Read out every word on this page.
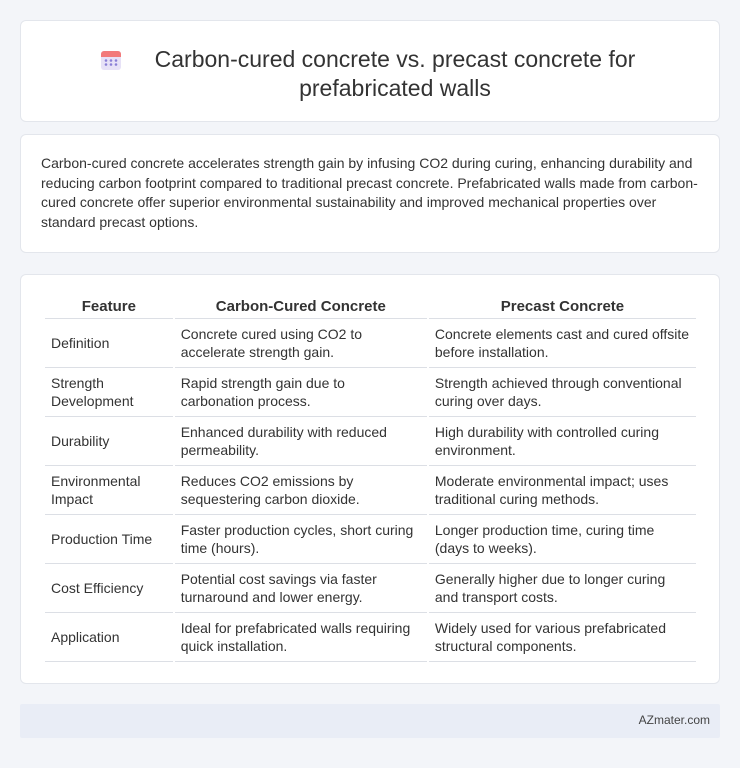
Carbon-cured concrete vs. precast concrete for prefabricated walls

Carbon-cured concrete accelerates strength gain by infusing CO2 during curing, enhancing durability and reducing carbon footprint compared to traditional precast concrete. Prefabricated walls made from carbon-cured concrete offer superior environmental sustainability and improved mechanical properties over standard precast options.

Feature	Carbon-Cured Concrete	Precast Concrete
Definition	Concrete cured using CO2 to accelerate strength gain.	Concrete elements cast and cured offsite before installation.
Strength Development	Rapid strength gain due to carbonation process.	Strength achieved through conventional curing over days.
Durability	Enhanced durability with reduced permeability.	High durability with controlled curing environment.
Environmental Impact	Reduces CO2 emissions by sequestering carbon dioxide.	Moderate environmental impact; uses traditional curing methods.
Production Time	Faster production cycles, short curing time (hours).	Longer production time, curing time (days to weeks).
Cost Efficiency	Potential cost savings via faster turnaround and lower energy.	Generally higher due to longer curing and transport costs.
Application	Ideal for prefabricated walls requiring quick installation.	Widely used for various prefabricated structural components.
AZmater.com
